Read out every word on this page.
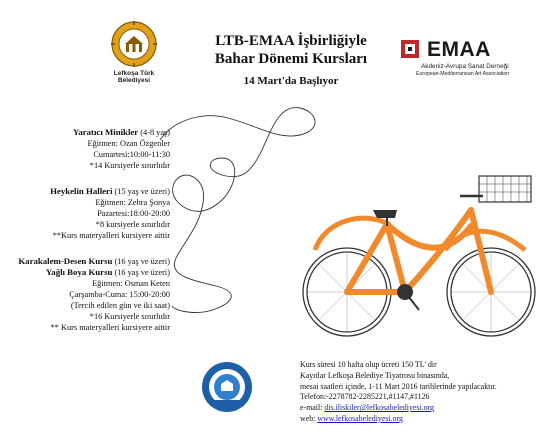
Lefkoşa Türk
Belediyesi
LTB-EMAA İşbirliğiyle
Bahar Dönemi Kursları
14 Mart'da Başlıyor
EMAA
Akdeniz-Avrupa Sanat Derneği
European-Mediterranean Art Association
Yaratıcı Minikler (4-8 yaş)
Eğitmen: Ozan Özgenler
Cumartesi:10:00-11:30
*14 Kursiyerle sınırlıdır
Heykelin Halleri (15 yaş ve üzeri)
Eğitmen: Zehra Şonya
Pazartesi:18:00-20:00
*8 kursiyerle sınırlıdır
**Kurs materyalleri kursiyere aittir
Karakalem-Desen Kursu (16 yaş ve üzeri)
Yağlı Boya Kursu (16 yaş ve üzeri)
Eğitmen: Osman Keten
Çarşamba-Cuma: 15:00-20:00
(Tercih edilen gün ve iki saat)
*16 Kursiyerle sınırlıdır
** Kurs materyalleri kursiyere aittir
Kurs süresi 10 hafta olup ücreti 150 TL' dir
Kayıtlar Lefkoşa Belediye Tiyatrosu binasında,
mesai saatleri içinde, 1-11 Mart 2016 tarihlerinde yapılacaktır.
Telefon:-2278782-2285221,#1147,#1126
e-mail: dis.iliskiler@lefkosabelediyesi.org
web: www.lefkosabelediyesi.org
